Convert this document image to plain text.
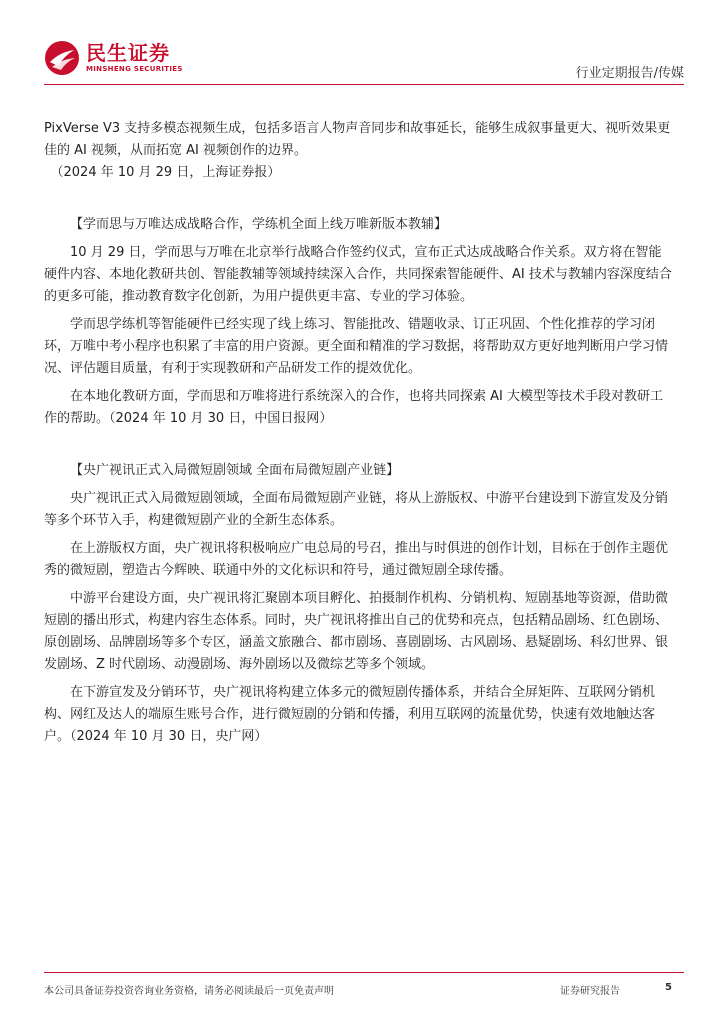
民生证券
MINSHENG SECURITIES	行业定期报告/传媒

PixVerse V3 支持多模态视频生成，包括多语言人物声音同步和故事延长，能够生成叙事量更大、视听效果更佳的 AI 视频，从而拓宽 AI 视频创作的边界。

（2024 年 10 月 29 日，上海证券报）

【学而思与万唯达成战略合作，学练机全面上线万唯新版本教辅】

10 月 29 日，学而思与万唯在北京举行战略合作签约仪式，宣布正式达成战略合作关系。双方将在智能硬件内容、本地化教研共创、智能教辅等领域持续深入合作，共同探索智能硬件、AI 技术与教辅内容深度结合的更多可能，推动教育数字化创新，为用户提供更丰富、专业的学习体验。

学而思学练机等智能硬件已经实现了线上练习、智能批改、错题收录、订正巩固、个性化推荐的学习闭环，万唯中考小程序也积累了丰富的用户资源。更全面和精准的学习数据，将帮助双方更好地判断用户学习情况、评估题目质量，有利于实现教研和产品研发工作的提效优化。

在本地化教研方面，学而思和万唯将进行系统深入的合作，也将共同探索 AI 大模型等技术手段对教研工作的帮助。（2024 年 10 月 30 日，中国日报网）

【央广视讯正式入局微短剧领域 全面布局微短剧产业链】

央广视讯正式入局微短剧领域，全面布局微短剧产业链，将从上游版权、中游平台建设到下游宣发及分销等多个环节入手，构建微短剧产业的全新生态体系。

在上游版权方面，央广视讯将积极响应广电总局的号召，推出与时俱进的创作计划，目标在于创作主题优秀的微短剧，塑造古今辉映、联通中外的文化标识和符号，通过微短剧全球传播。

中游平台建设方面，央广视讯将汇聚剧本项目孵化、拍摄制作机构、分销机构、短剧基地等资源，借助微短剧的播出形式，构建内容生态体系。同时，央广视讯将推出自己的优势和亮点，包括精品剧场、红色剧场、原创剧场、品牌剧场等多个专区，涵盖文旅融合、都市剧场、喜剧剧场、古风剧场、悬疑剧场、科幻世界、银发剧场、Z 时代剧场、动漫剧场、海外剧场以及微综艺等多个领域。

在下游宣发及分销环节，央广视讯将构建立体多元的微短剧传播体系，并结合全屏矩阵、互联网分销机构、网红及达人的端原生账号合作，进行微短剧的分销和传播，利用互联网的流量优势，快速有效地触达客户。（2024 年 10 月 30 日，央广网）

本公司具备证券投资咨询业务资格，请务必阅读最后一页免责声明	证券研究报告	5
